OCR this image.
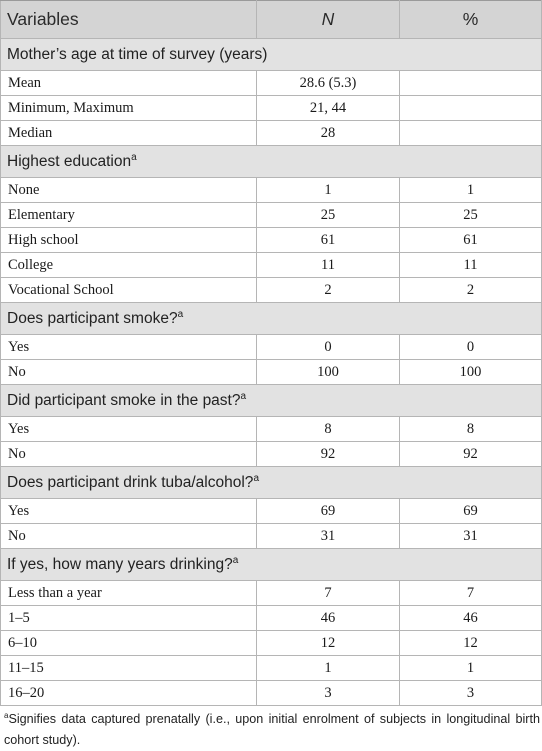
Variables	N	%
Mother’s age at time of survey (years)		
Mean	28.6 (5.3)	
Minimum, Maximum	21, 44	
Median	28	
Highest education$^a$
None	1	1
Elementary	25	25
High school	61	61
College	11	11
Vocational School	2	2
Does participant smoke?$^a$
Yes	0	0
No	100	100
Did participant smoke in the past?$^a$
Yes	8	8
No	92	92
Does participant drink tuba/alcohol?$^a$
Yes	69	69
No	31	31
If yes, how many years drinking?$^a$
Less than a year	7	7
1–5	46	46
6–10	12	12
11–15	1	1
16–20	3	3
$^a$Signifies data captured prenatally (i.e., upon initial enrolment of subjects in longitudinal birth cohort study).
